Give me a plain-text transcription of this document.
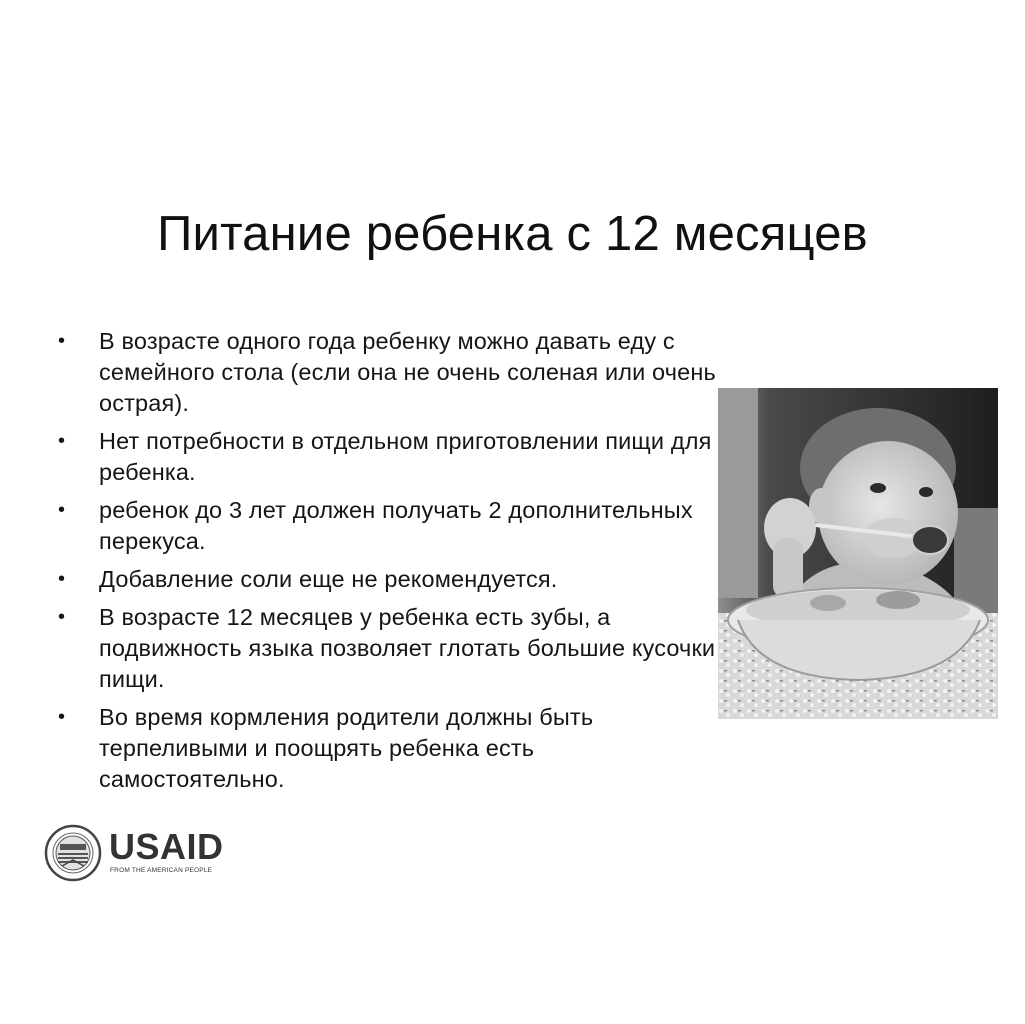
Питание ребенка с 12 месяцев
•	В возрасте одного года ребенку можно давать еду с семейного стола (если она не очень соленая или очень острая).
•	Нет потребности в отдельном приготовлении пищи для ребенка.
•	ребенок до 3 лет должен получать 2 дополнительных перекуса.
•	Добавление соли еще не рекомендуется.
•	В возрасте 12 месяцев у ребенка есть зубы, а подвижность языка позволяет глотать большие кусочки пищи.
•	Во время кормления родители должны быть терпеливыми и поощрять ребенка есть самостоятельно.
USAID
FROM THE AMERICAN PEOPLE
